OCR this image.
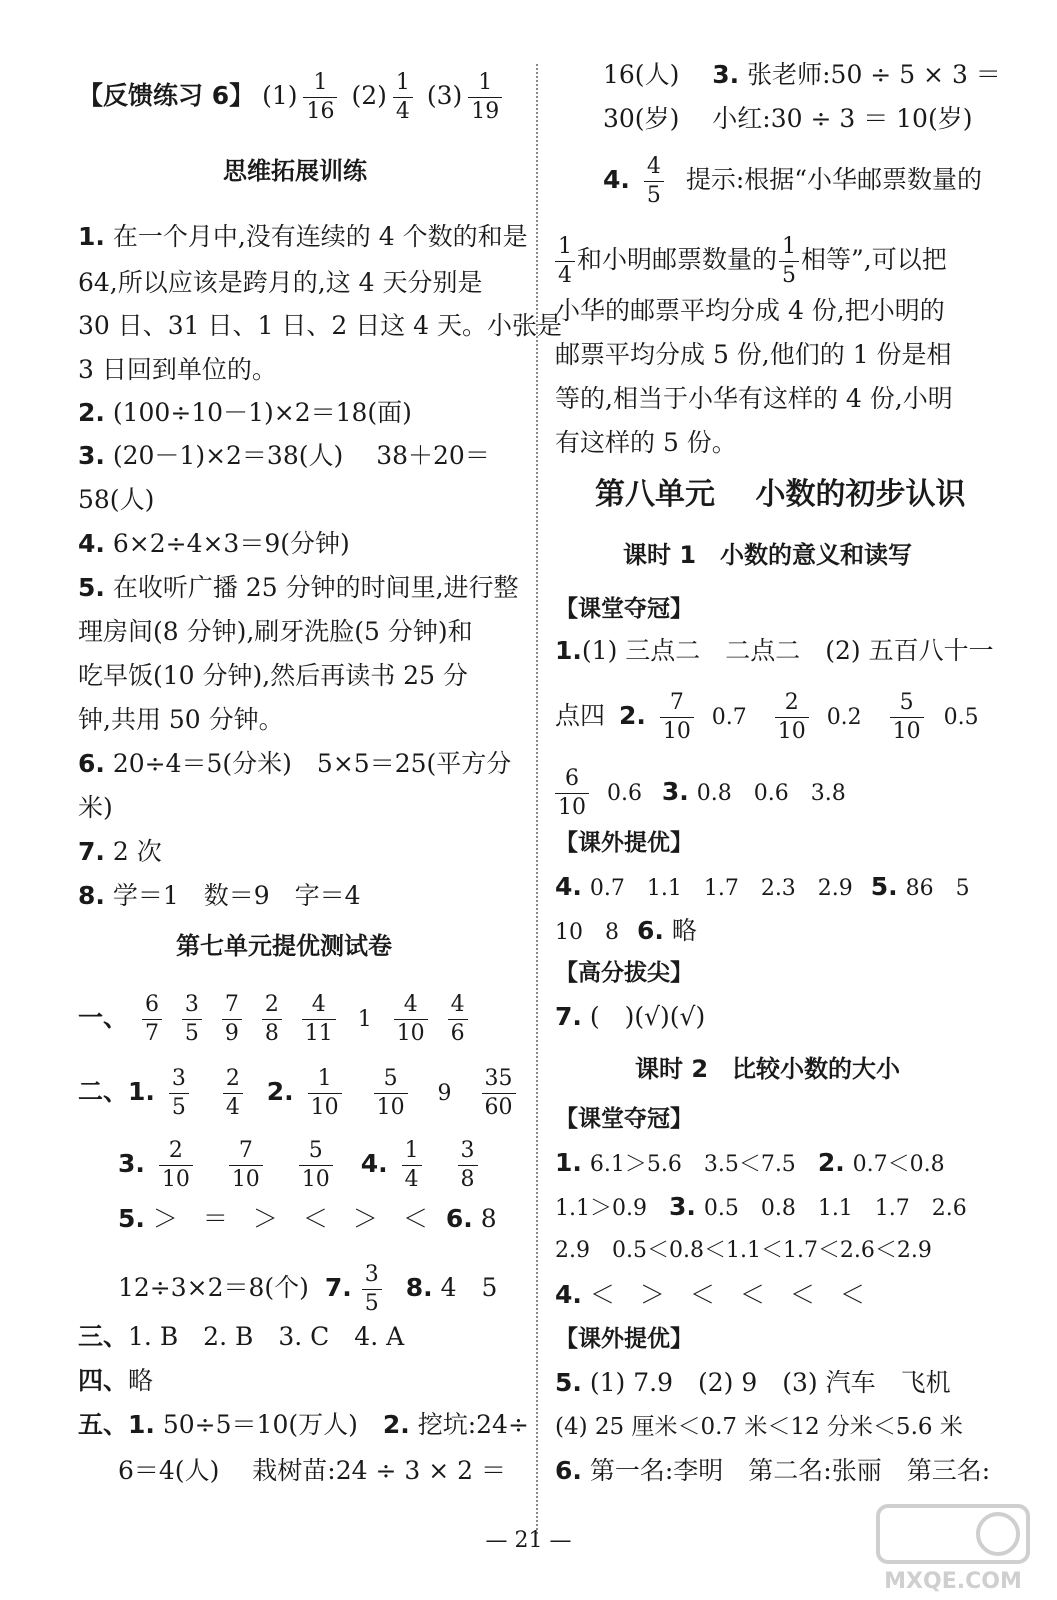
【反馈练习 6】 $(1) \frac{1}{16} (2) \frac{1}{4} (3) \frac{1}{19}$
思维拓展训练
1. 在一个月中,没有连续的 4 个数的和是
64,所以应该是跨月的,这 4 天分别是
30 日、31 日、1 日、2 日这 4 天。小张是
3 日回到单位的。
2. (100÷10－1)×2＝18(面)
3. (20－1)×2＝38(人)　 38＋20＝
58(人)
4. 6×2÷4×3＝9(分钟)
5. 在收听广播 25 分钟的时间里,进行整
理房间(8 分钟),刷牙洗脸(5 分钟)和
吃早饭(10 分钟),然后再读书 25 分
钟,共用 50 分钟。
6. 20÷4＝5(分米)　5×5＝25(平方分
米)
7. 2 次
8. 学＝1　数＝9　字＝4
第七单元提优测试卷
一、 $\frac{6}{7}$
$\frac{3}{5}$
$\frac{7}{9}$
$\frac{2}{8}$
$\frac{4}{11} 1 \frac{4}{10}$
$\frac{4}{6}$
二、1. $\frac{3}{5}$
$\frac{2}{4} 2$. $\frac{1}{10}$
$\frac{5}{10} 9 \frac{35}{60}$
3. $\frac{2}{10}$
$\frac{7}{10}$
$\frac{5}{10} 4$. $\frac{1}{4}$
$\frac{3}{8}$
5. ＞　＝　＞　＜　＞　＜ 6. 8
12÷3×2＝8(个) 7. $\frac{3}{5} 8$. 4　5
三、1. B　2. B　3. C　4. A
四、略
五、1. 50÷5＝10(万人)　2. 挖坑:24÷
6＝4(人)　 栽树苗:24 ÷ 3 × 2 ＝
16(人)　 3. 张老师:50 ÷ 5 × 3 ＝
30(岁)　 小红:30 ÷ 3 ＝ 10(岁)
4. $\frac{4}{5}$ 提示:根据“小华邮票数量的
$\frac{1}{4}$ 和小明邮票数量的 $\frac{1}{5}$ 相等”,可以把
小华的邮票平均分成 4 份,把小明的
邮票平均分成 5 份,他们的 1 份是相
等的,相当于小华有这样的 4 份,小明
有这样的 5 份。
第八单元　 小数的初步认识
课时 1　小数的意义和读写
【课堂夺冠】
1.(1) 三点二　二点二　(2) 五百八十一
点四 2. $\frac{7}{10} 0.7 \frac{2}{10} 0.2 \frac{5}{10} 0.5$
$\frac{6}{10} 0.6$ 3. 0.8　0.6　3.8
【课外提优】
4. 0.7　1.1　1.7　2.3　2.9 5. 86　5
10　8 6. 略
【高分拔尖】
7. (　)(√)(√)
课时 2　比较小数的大小
【课堂夺冠】
1. 6.1＞5.6　3.5＜7.5　2. 0.7＜0.8
1.1＞0.9　3. 0.5　0.8　1.1　1.7　2.6
2.9　0.5＜0.8＜1.1＜1.7＜2.6＜2.9
4. ＜　＞　＜　＜　＜　＜
【课外提优】
5. (1) 7.9　(2) 9　(3) 汽车　飞机
(4) 25 厘米＜0.7 米＜12 分米＜5.6 米
6. 第一名:李明　第二名:张丽　第三名:
— 21 —
MXQE.COM
